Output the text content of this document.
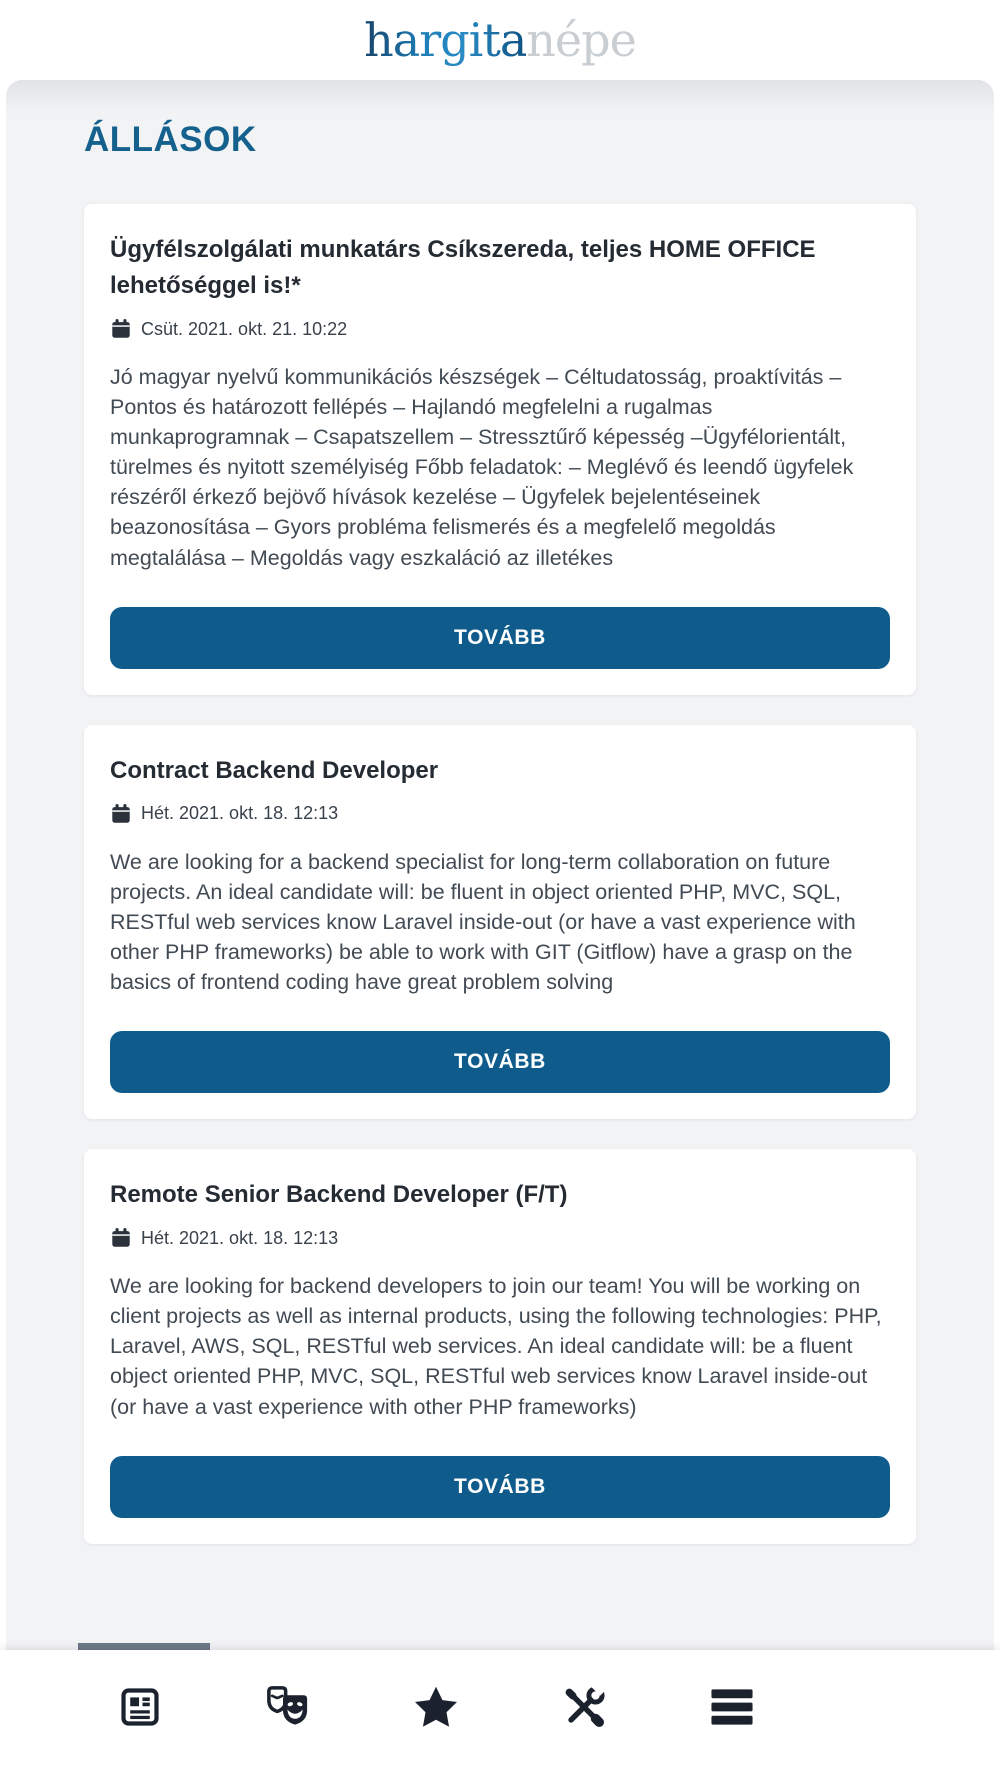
hargitanépe
ÁLLÁSOK
Ügyfélszolgálati munkatárs Csíkszereda, teljes HOME OFFICE lehetőséggel is!*
Csüt. 2021. okt. 21. 10:22

Jó magyar nyelvű kommunikációs készségek – Céltudatosság, proaktívitás – Pontos és határozott fellépés – Hajlandó megfelelni a rugalmas munkaprogramnak – Csapatszellem – Stressztűrő képesség –Ügyfélorientált, türelmes és nyitott személyiség Főbb feladatok: – Meglévő és leendő ügyfelek részéről érkező bejövő hívások kezelése – Ügyfelek bejelentéseinek beazonosítása – Gyors probléma felismerés és a megfelelő megoldás megtalálása – Megoldás vagy eszkaláció az illetékes

TOVÁBB
Contract Backend Developer
Hét. 2021. okt. 18. 12:13

We are looking for a backend specialist for long-term collaboration on future projects. An ideal candidate will: be fluent in object oriented PHP, MVC, SQL, RESTful web services know Laravel inside-out (or have a vast experience with other PHP frameworks) be able to work with GIT (Gitflow) have a grasp on the basics of frontend coding have great problem solving

TOVÁBB
Remote Senior Backend Developer (F/T)
Hét. 2021. okt. 18. 12:13

We are looking for backend developers to join our team! You will be working on client projects as well as internal products, using the following technologies: PHP, Laravel, AWS, SQL, RESTful web services. An ideal candidate will: be a fluent object oriented PHP, MVC, SQL, RESTful web services know Laravel inside-out (or have a vast experience with other PHP frameworks)

TOVÁBB
